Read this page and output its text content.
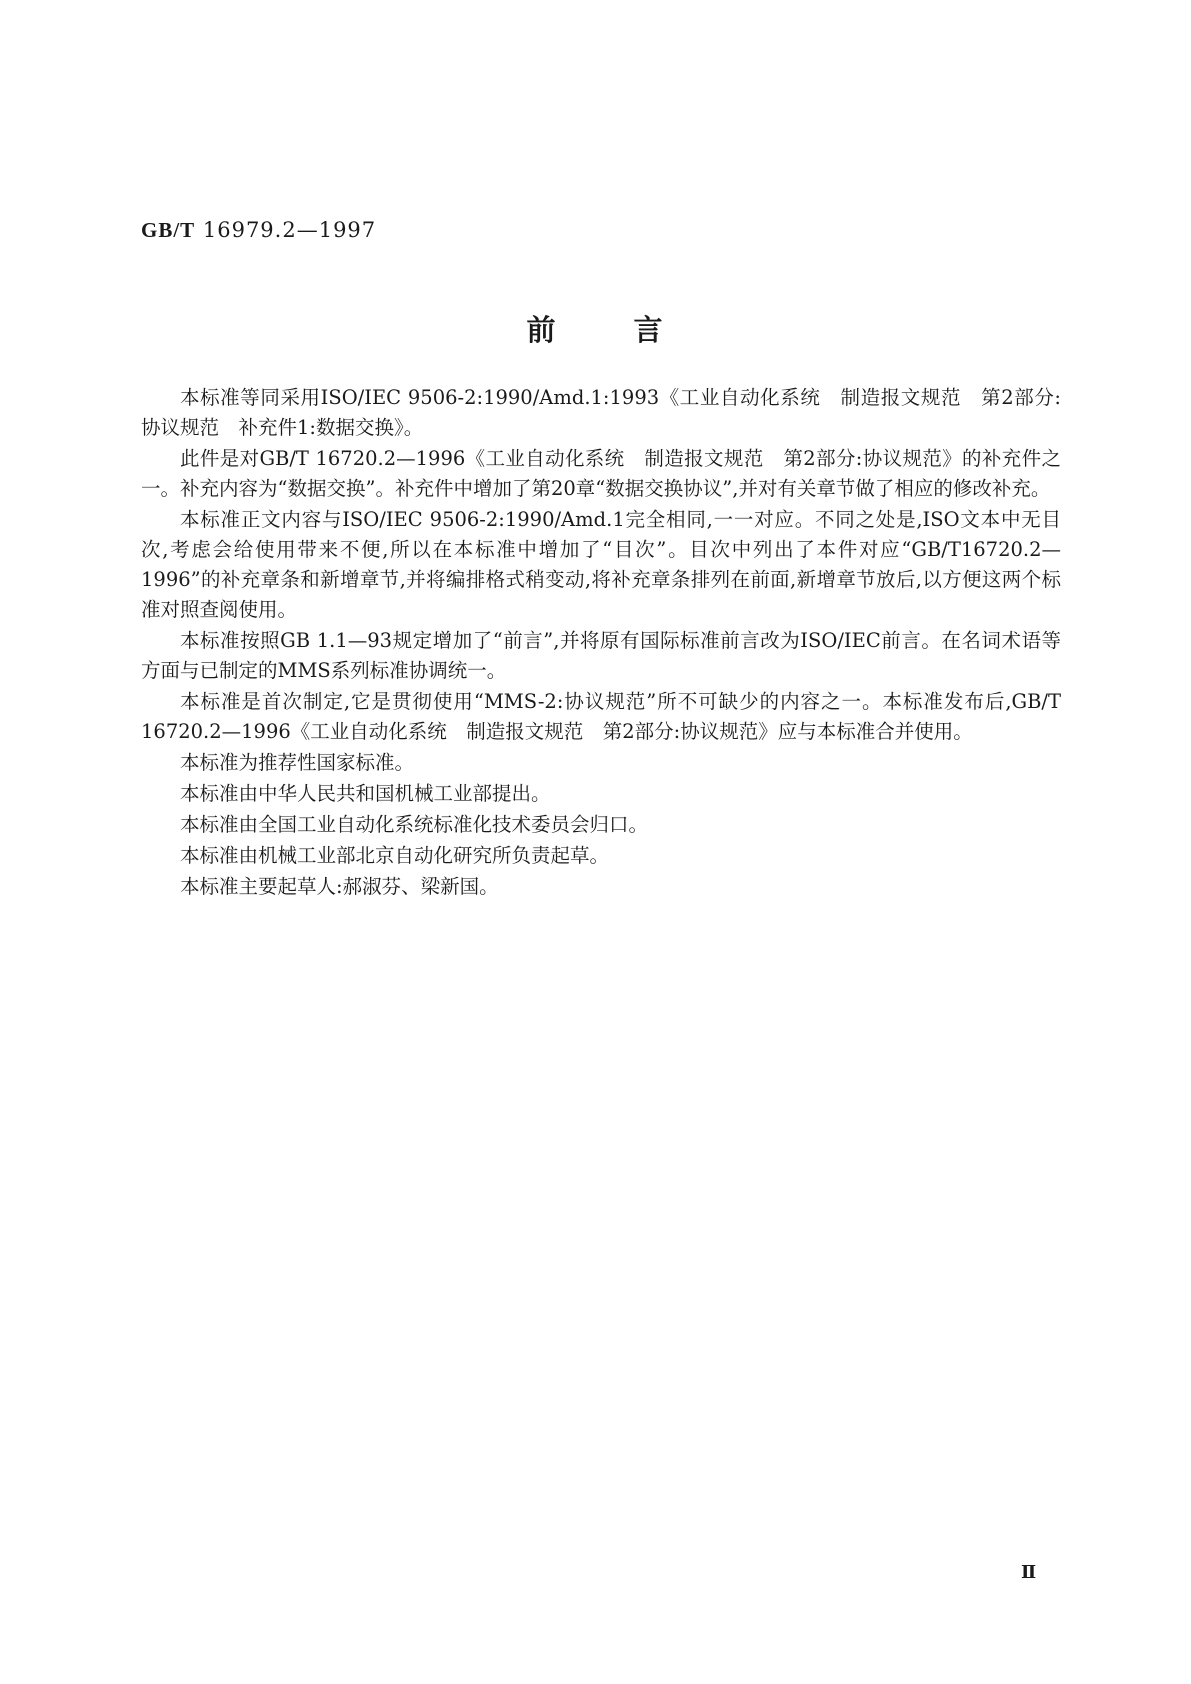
GB/T 16979.2—1997
前	言

本标准等同采用ISO/IEC 9506-2:1990/Amd.1:1993《工业自动化系统　制造报文规范　第2部分:协议规范　补充件1:数据交换》。

此件是对GB/T 16720.2—1996《工业自动化系统　制造报文规范　第2部分:协议规范》的补充件之一。补充内容为“数据交换”。补充件中增加了第20章“数据交换协议”,并对有关章节做了相应的修改补充。

本标准正文内容与ISO/IEC 9506-2:1990/Amd.1完全相同,一一对应。不同之处是,ISO文本中无目次,考虑会给使用带来不便,所以在本标准中增加了“目次”。目次中列出了本件对应“GB/T16720.2—1996”的补充章条和新增章节,并将编排格式稍变动,将补充章条排列在前面,新增章节放后,以方便这两个标准对照查阅使用。

本标准按照GB 1.1—93规定增加了“前言”,并将原有国际标准前言改为ISO/IEC前言。在名词术语等方面与已制定的MMS系列标准协调统一。

本标准是首次制定,它是贯彻使用“MMS-2:协议规范”所不可缺少的内容之一。本标准发布后,GB/T 16720.2—1996《工业自动化系统　制造报文规范　第2部分:协议规范》应与本标准合并使用。

本标准为推荐性国家标准。

本标准由中华人民共和国机械工业部提出。

本标准由全国工业自动化系统标准化技术委员会归口。

本标准由机械工业部北京自动化研究所负责起草。

本标准主要起草人:郝淑芬、梁新国。

Ⅱ
